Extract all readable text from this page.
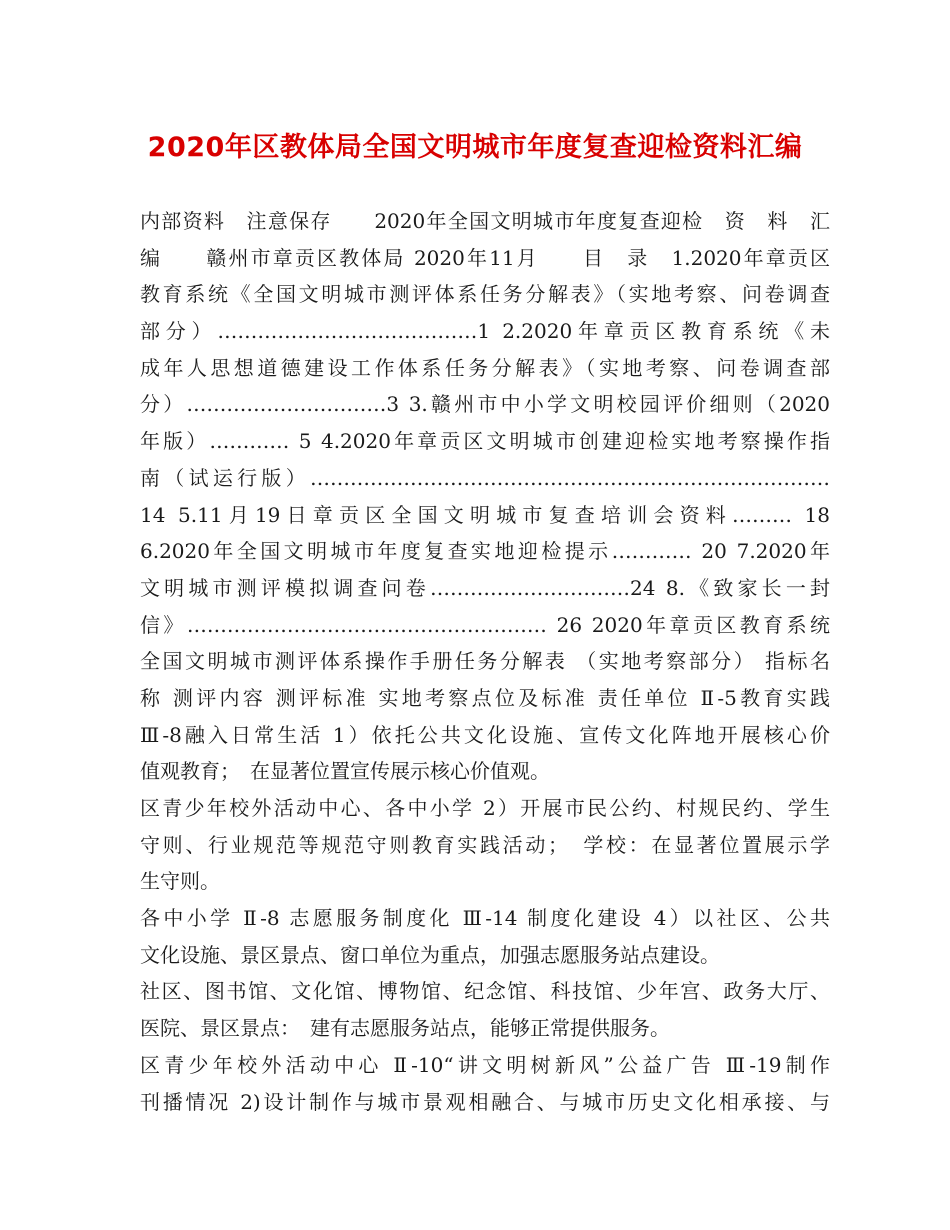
2020年区教体局全国文明城市年度复查迎检资料汇编
内部资料　注意保存　　2020年全国文明城市年度复查迎检　资　料　汇
编　　赣州市章贡区教体局 2020年11月　　目　录　1.2020年章贡区
教育系统《全国文明城市测评体系任务分解表》（实地考察、问卷调查
部分）…………………………………1 2.2020年章贡区教育系统《未
成年人思想道德建设工作体系任务分解表》（实地考察、问卷调查部
分）…………………………3 3.赣州市中小学文明校园评价细则（2020
年版）………… 5 4.2020年章贡区文明城市创建迎检实地考察操作指
南（试运行版）……………………………………………………………………
14 5.11月19日章贡区全国文明城市复查培训会资料……… 18
6.2020年全国文明城市年度复查实地迎检提示………… 20 7.2020年
文明城市测评模拟调查问卷…………………………24 8.《致家长一封
信》……………………………………………… 26 2020年章贡区教育系统
全国文明城市测评体系操作手册任务分解表 （实地考察部分） 指标名
称 测评内容 测评标准 实地考察点位及标准 责任单位 Ⅱ-5教育实践
Ⅲ-8融入日常生活 1）依托公共文化设施、宣传文化阵地开展核心价
值观教育；　在显著位置宣传展示核心价值观。
区青少年校外活动中心、各中小学 2）开展市民公约、村规民约、学生
守则、行业规范等规范守则教育实践活动；　学校：在显著位置展示学
生守则。
各中小学 Ⅱ-8 志愿服务制度化 Ⅲ-14 制度化建设 4）以社区、公共
文化设施、景区景点、窗口单位为重点，加强志愿服务站点建设。
社区、图书馆、文化馆、博物馆、纪念馆、科技馆、少年宫、政务大厅、
医院、景区景点：　建有志愿服务站点，能够正常提供服务。
区青少年校外活动中心 Ⅱ-10“讲文明树新风”公益广告 Ⅲ-19制作
刊播情况 2)设计制作与城市景观相融合、与城市历史文化相承接、与
